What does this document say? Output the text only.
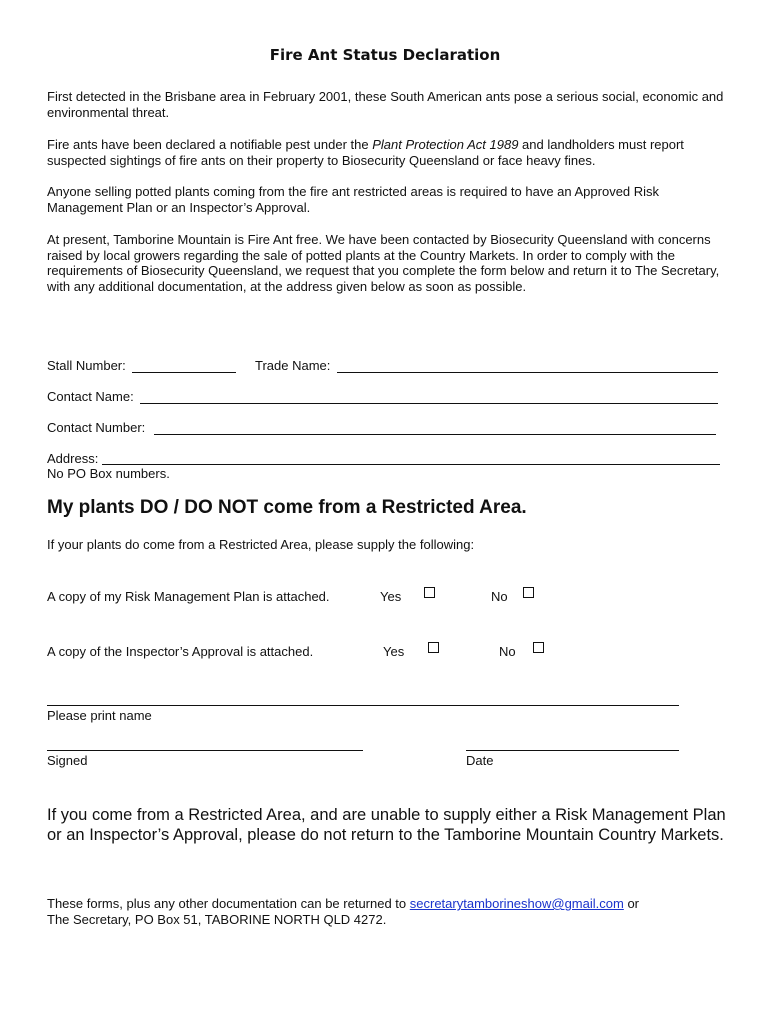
Fire Ant Status Declaration
First detected in the Brisbane area in February 2001, these South American ants pose a serious social, economic and environmental threat.
Fire ants have been declared a notifiable pest under the Plant Protection Act 1989 and landholders must report suspected sightings of fire ants on their property to Biosecurity Queensland or face heavy fines.
Anyone selling potted plants coming from the fire ant restricted areas is required to have an Approved Risk Management Plan or an Inspector’s Approval.
At present, Tamborine Mountain is Fire Ant free. We have been contacted by Biosecurity Queensland with concerns raised by local growers regarding the sale of potted plants at the Country Markets. In order to comply with the requirements of Biosecurity Queensland, we request that you complete the form below and return it to The Secretary, with any additional documentation, at the address given below as soon as possible.
Stall Number:	Trade Name:
Contact Name:
Contact Number:
Address:
No PO Box numbers.
My plants DO / DO NOT come from a Restricted Area.
If your plants do come from a Restricted Area, please supply the following:
A copy of my Risk Management Plan is attached.	Yes	No
A copy of the Inspector’s Approval is attached.	Yes	No
Please print name
Signed	Date
If you come from a Restricted Area, and are unable to supply either a Risk Management Plan or an Inspector’s Approval, please do not return to the Tamborine Mountain Country Markets.
These forms, plus any other documentation can be returned to secretarytamborineshow@gmail.com or
The Secretary, PO Box 51, TABORINE NORTH QLD 4272.
